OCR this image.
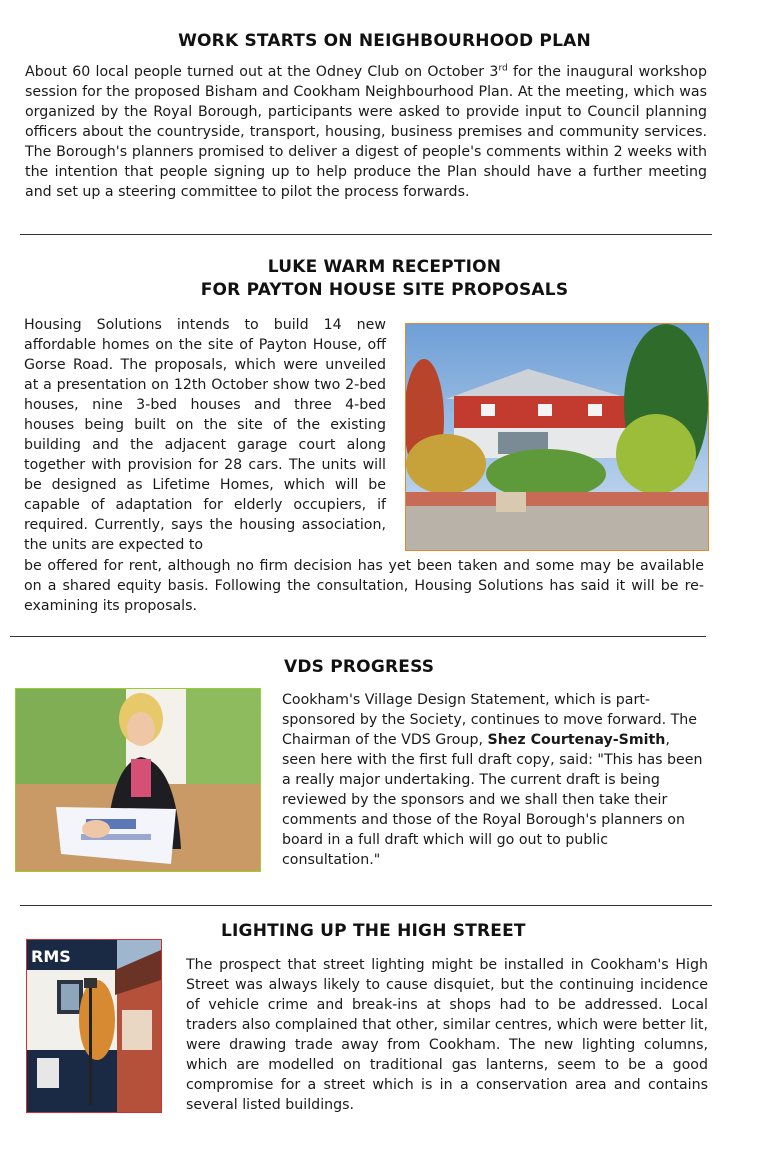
WORK STARTS ON NEIGHBOURHOOD PLAN
About 60 local people turned out at the Odney Club on October 3rd for the inaugural workshop session for the proposed Bisham and Cookham Neighbourhood Plan. At the meeting, which was organized by the Royal Borough, participants were asked to provide input to Council planning officers about the countryside, transport, housing, business premises and community services. The Borough's planners promised to deliver a digest of people's comments within 2 weeks with the intention that people signing up to help produce the Plan should have a further meeting and set up a steering committee to pilot the process forwards.
LUKE WARM RECEPTION
FOR PAYTON HOUSE SITE PROPOSALS
Housing Solutions intends to build 14 new affordable homes on the site of Payton House, off Gorse Road. The proposals, which were unveiled at a presentation on 12th October show two 2-bed houses, nine 3-bed houses and three 4-bed houses being built on the site of the existing building and the adjacent garage court along together with provision for 28 cars. The units will be designed as Lifetime Homes, which will be capable of adaptation for elderly occupiers, if required. Currently, says the housing association, the units are expected to
be offered for rent, although no firm decision has yet been taken and some may be available on a shared equity basis. Following the consultation, Housing Solutions has said it will be re-examining its proposals.
VDS PROGRESS
Cookham's Village Design Statement, which is part-sponsored by the Society, continues to move forward. The Chairman of the VDS Group, Shez Courtenay-Smith, seen here with the first full draft copy, said: "This has been a really major undertaking. The current draft is being reviewed by the sponsors and we shall then take their comments and those of the Royal Borough's planners on board in a full draft which will go out to public consultation."
LIGHTING UP THE HIGH STREET
The prospect that street lighting might be installed in Cookham's High Street was always likely to cause disquiet, but the continuing incidence of vehicle crime and break-ins at shops had to be addressed. Local traders also complained that other, similar centres, which were better lit, were drawing trade away from Cookham. The new lighting columns, which are modelled on traditional gas lanterns, seem to be a good compromise for a street which is in a conservation area and contains several listed buildings.
RMS
